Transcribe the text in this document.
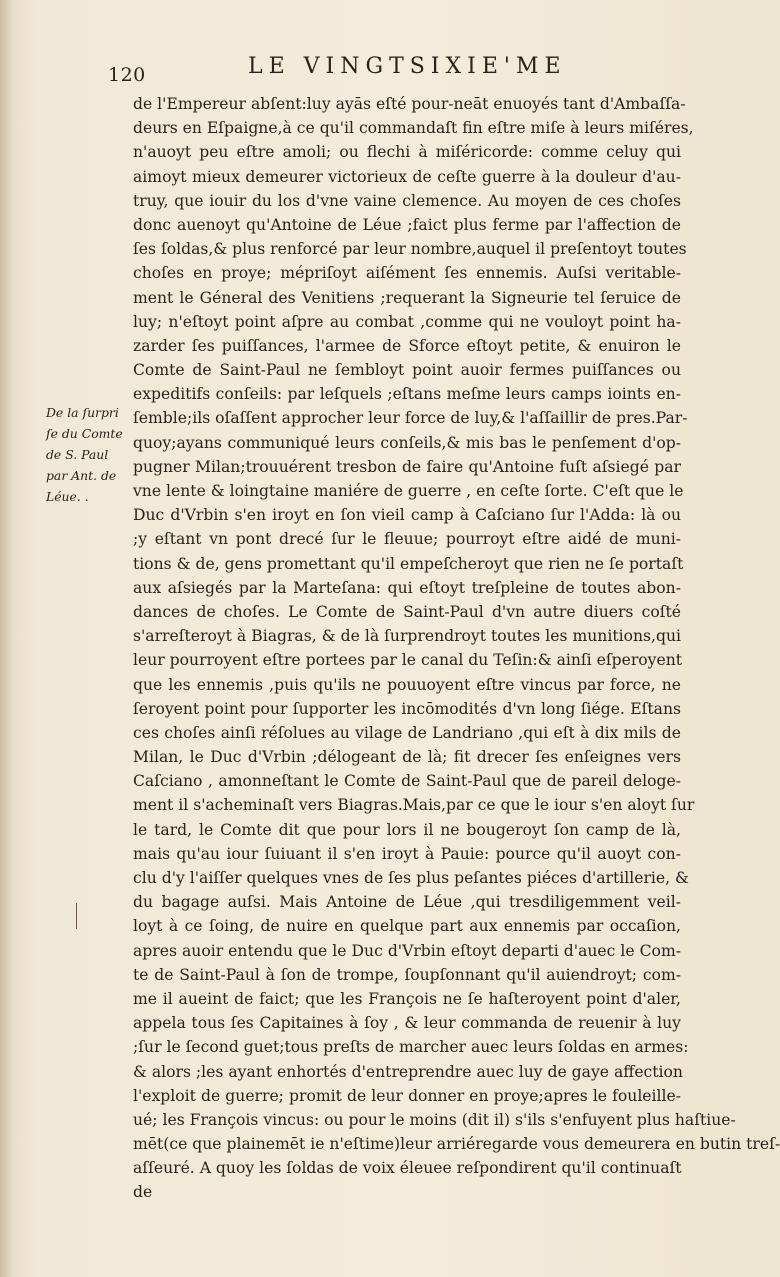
120	LE VINGTSIXIE'ME
De la ſurpri
ſe du Comte
de S. Paul
par Ant. de
Léue. .
de l'Empereur abſent:luy ayās eſté pour-neāt enuoyés tant d'Ambaſſa-
deurs en Eſpaigne,à ce qu'il commandaſt fin eſtre miſe à leurs miſéres,
n'auoyt peu eſtre amoli; ou flechi à miſéricorde: comme celuy qui
aimoyt mieux demeurer victorieux de ceſte guerre à la douleur d'au-
truy, que iouir du los d'vne vaine clemence. Au moyen de ces choſes
donc auenoyt qu'Antoine de Léue ;faict plus ferme par l'affection de
ſes ſoldas,& plus renforcé par leur nombre,auquel il preſentoyt toutes
choſes en proye; mépriſoyt aiſément ſes ennemis. Auſsi veritable-
ment le Géneral des Venitiens ;requerant la Signeurie tel ſeruice de
luy; n'eſtoyt point aſpre au combat ,comme qui ne vouloyt point ha-
zarder ſes puiſſances, l'armee de Sforce eſtoyt petite, & enuiron le
Comte de Saint-Paul ne ſembloyt point auoir fermes puiſſances ou
expeditifs conſeils: par leſquels ;eſtans meſme leurs camps ioints en-
ſemble;ils oſaſſent approcher leur force de luy,& l'aſſaillir de pres.Par-
quoy;ayans communiqué leurs conſeils,& mis bas le penſement d'op-
pugner Milan;trouuérent tresbon de faire qu'Antoine fuſt aſsiegé par
vne lente & loingtaine maniére de guerre , en ceſte ſorte. C'eſt que le
Duc d'Vrbin s'en iroyt en ſon vieil camp à Caſciano ſur l'Adda: là ou
;y eſtant vn pont drecé ſur le fleuue; pourroyt eſtre aidé de muni-
tions & de, gens promettant qu'il empeſcheroyt que rien ne ſe portaſt
aux aſsiegés par la Marteſana: qui eſtoyt treſpleine de toutes abon-
dances de choſes. Le Comte de Saint-Paul d'vn autre diuers coſté
s'arreſteroyt à Biagras, & de là ſurprendroyt toutes les munitions,qui
leur pourroyent eſtre portees par le canal du Teſin:& ainſi eſperoyent
que les ennemis ,puis qu'ils ne pouuoyent eſtre vincus par force, ne
ſeroyent point pour ſupporter les incōmodités d'vn long ſiége. Eſtans
ces choſes ainſi réſolues au vilage de Landriano ,qui eſt à dix mils de
Milan, le Duc d'Vrbin ;délogeant de là; fit drecer ſes enſeignes vers
Caſciano , amonneſtant le Comte de Saint-Paul que de pareil deloge-
ment il s'acheminaſt vers Biagras.Mais,par ce que le iour s'en aloyt ſur
le tard, le Comte dit que pour lors il ne bougeroyt ſon camp de là,
mais qu'au iour ſuiuant il s'en iroyt à Pauie: pource qu'il auoyt con-
clu d'y l'aiſſer quelques vnes de ſes plus peſantes piéces d'artillerie, &
du bagage auſsi. Mais Antoine de Léue ,qui tresdiligemment veil-
loyt à ce ſoing, de nuire en quelque part aux ennemis par occaſion,
apres auoir entendu que le Duc d'Vrbin eſtoyt departi d'auec le Com-
te de Saint-Paul à ſon de trompe, ſoupſonnant qu'il auiendroyt; com-
me il aueint de faict; que les François ne ſe haſteroyent point d'aler,
appela tous ſes Capitaines à ſoy , & leur commanda de reuenir à luy
;ſur le ſecond guet;tous preſts de marcher auec leurs ſoldas en armes:
& alors ;les ayant enhortés d'entreprendre auec luy de gaye affection
l'exploit de guerre; promit de leur donner en proye;apres le fouleille-
ué; les François vincus: ou pour le moins (dit il) s'ils s'enfuyent plus haſtiue-
mēt(ce que plainemēt ie n'eſtime)leur arriéregarde vous demeurera en butin treſ-
aſſeuré. A quoy les ſoldas de voix éleuee reſpondirent qu'il continuaſt
de
